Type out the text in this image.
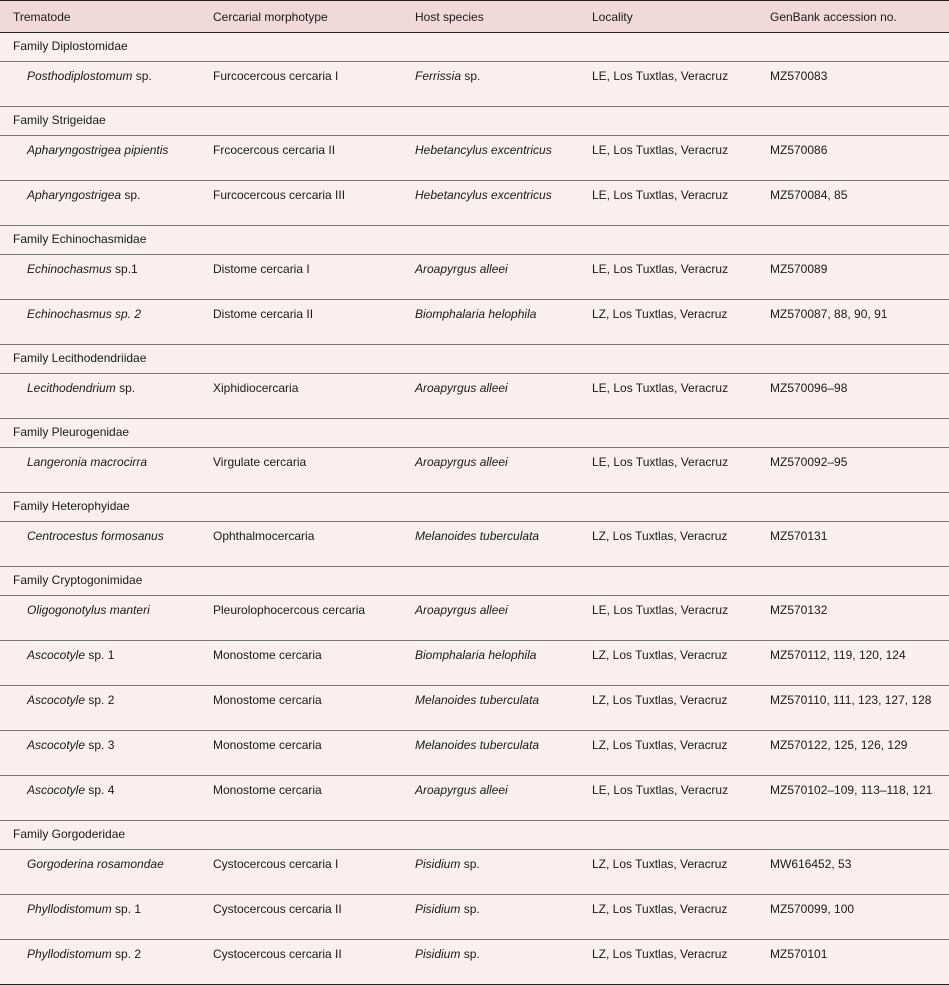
Trematode	Cercarial morphotype	Host species	Locality	GenBank accession no.
Family Diplostomidae				
Posthodiplostomum sp.	Furcocercous cercaria I	Ferrissia sp.	LE, Los Tuxtlas, Veracruz	MZ570083
Family Strigeidae				
Apharyngostrigea pipientis	Frcocercous cercaria II	Hebetancylus excentricus	LE, Los Tuxtlas, Veracruz	MZ570086
Apharyngostrigea sp.	Furcocercous cercaria III	Hebetancylus excentricus	LE, Los Tuxtlas, Veracruz	MZ570084, 85
Family Echinochasmidae				
Echinochasmus sp.1	Distome cercaria I	Aroapyrgus alleei	LE, Los Tuxtlas, Veracruz	MZ570089
Echinochasmus sp. 2	Distome cercaria II	Biomphalaria helophila	LZ, Los Tuxtlas, Veracruz	MZ570087, 88, 90, 91
Family Lecithodendriidae				
Lecithodendrium sp.	Xiphidiocercaria	Aroapyrgus alleei	LE, Los Tuxtlas, Veracruz	MZ570096–98
Family Pleurogenidae				
Langeronia macrocirra	Virgulate cercaria	Aroapyrgus alleei	LE, Los Tuxtlas, Veracruz	MZ570092–95
Family Heterophyidae				
Centrocestus formosanus	Ophthalmocercaria	Melanoides tuberculata	LZ, Los Tuxtlas, Veracruz	MZ570131
Family Cryptogonimidae				
Oligogonotylus manteri	Pleurolophocercous cercaria	Aroapyrgus alleei	LE, Los Tuxtlas, Veracruz	MZ570132
Ascocotyle sp. 1	Monostome cercaria	Biomphalaria helophila	LZ, Los Tuxtlas, Veracruz	MZ570112, 119, 120, 124
Ascocotyle sp. 2	Monostome cercaria	Melanoides tuberculata	LZ, Los Tuxtlas, Veracruz	MZ570110, 111, 123, 127, 128
Ascocotyle sp. 3	Monostome cercaria	Melanoides tuberculata	LZ, Los Tuxtlas, Veracruz	MZ570122, 125, 126, 129
Ascocotyle sp. 4	Monostome cercaria	Aroapyrgus alleei	LE, Los Tuxtlas, Veracruz	MZ570102–109, 113–118, 121
Family Gorgoderidae				
Gorgoderina rosamondae	Cystocercous cercaria I	Pisidium sp.	LZ, Los Tuxtlas, Veracruz	MW616452, 53
Phyllodistomum sp. 1	Cystocercous cercaria II	Pisidium sp.	LZ, Los Tuxtlas, Veracruz	MZ570099, 100
Phyllodistomum sp. 2	Cystocercous cercaria II	Pisidium sp.	LZ, Los Tuxtlas, Veracruz	MZ570101
